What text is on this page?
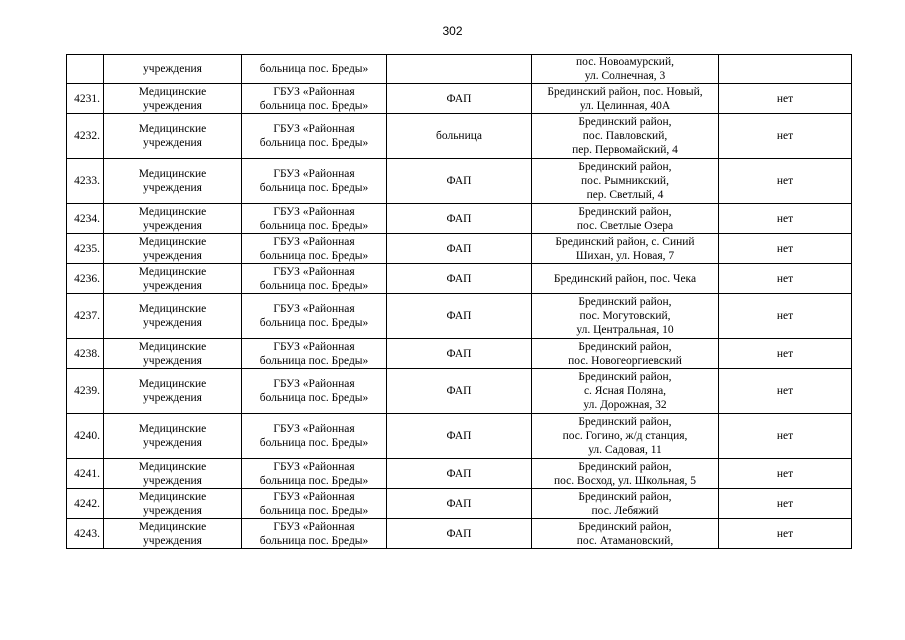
302

	учреждения	больница пос. Бреды»		пос. Новоамурский,
ул. Солнечная, 3	

4231.	Медицинские
учреждения	ГБУЗ «Районная
больница пос. Бреды»	ФАП	Брединский район, пос. Новый,
ул. Целинная, 40А	нет
4232.	Медицинские
учреждения	ГБУЗ «Районная
больница пос. Бреды»	больница	Брединский район,
пос. Павловский,
пер. Первомайский, 4	нет
4233.	Медицинские
учреждения	ГБУЗ «Районная
больница пос. Бреды»	ФАП	Брединский район,
пос. Рымникский,
пер. Светлый, 4	нет
4234.	Медицинские
учреждения	ГБУЗ «Районная
больница пос. Бреды»	ФАП	Брединский район,
пос. Светлые Озера	нет
4235.	Медицинские
учреждения	ГБУЗ «Районная
больница пос. Бреды»	ФАП	Брединский район, с. Синий
Шихан, ул. Новая, 7	нет
4236.	Медицинские
учреждения	ГБУЗ «Районная
больница пос. Бреды»	ФАП	Брединский район, пос. Чека	нет
4237.	Медицинские
учреждения	ГБУЗ «Районная
больница пос. Бреды»	ФАП	Брединский район,
пос. Могутовский,
ул. Центральная, 10	нет
4238.	Медицинские
учреждения	ГБУЗ «Районная
больница пос. Бреды»	ФАП	Брединский район,
пос. Новогеоргиевский	нет
4239.	Медицинские
учреждения	ГБУЗ «Районная
больница пос. Бреды»	ФАП	Брединский район,
с. Ясная Поляна,
ул. Дорожная, 32	нет
4240.	Медицинские
учреждения	ГБУЗ «Районная
больница пос. Бреды»	ФАП	Брединский район,
пос. Гогино, ж/д станция,
ул. Садовая, 11	нет
4241.	Медицинские
учреждения	ГБУЗ «Районная
больница пос. Бреды»	ФАП	Брединский район,
пос. Восход, ул. Школьная, 5	нет
4242.	Медицинские
учреждения	ГБУЗ «Районная
больница пос. Бреды»	ФАП	Брединский район,
пос. Лебяжий	нет
4243.	Медицинские
учреждения	ГБУЗ «Районная
больница пос. Бреды»	ФАП	Брединский район,
пос. Атамановский,	нет
